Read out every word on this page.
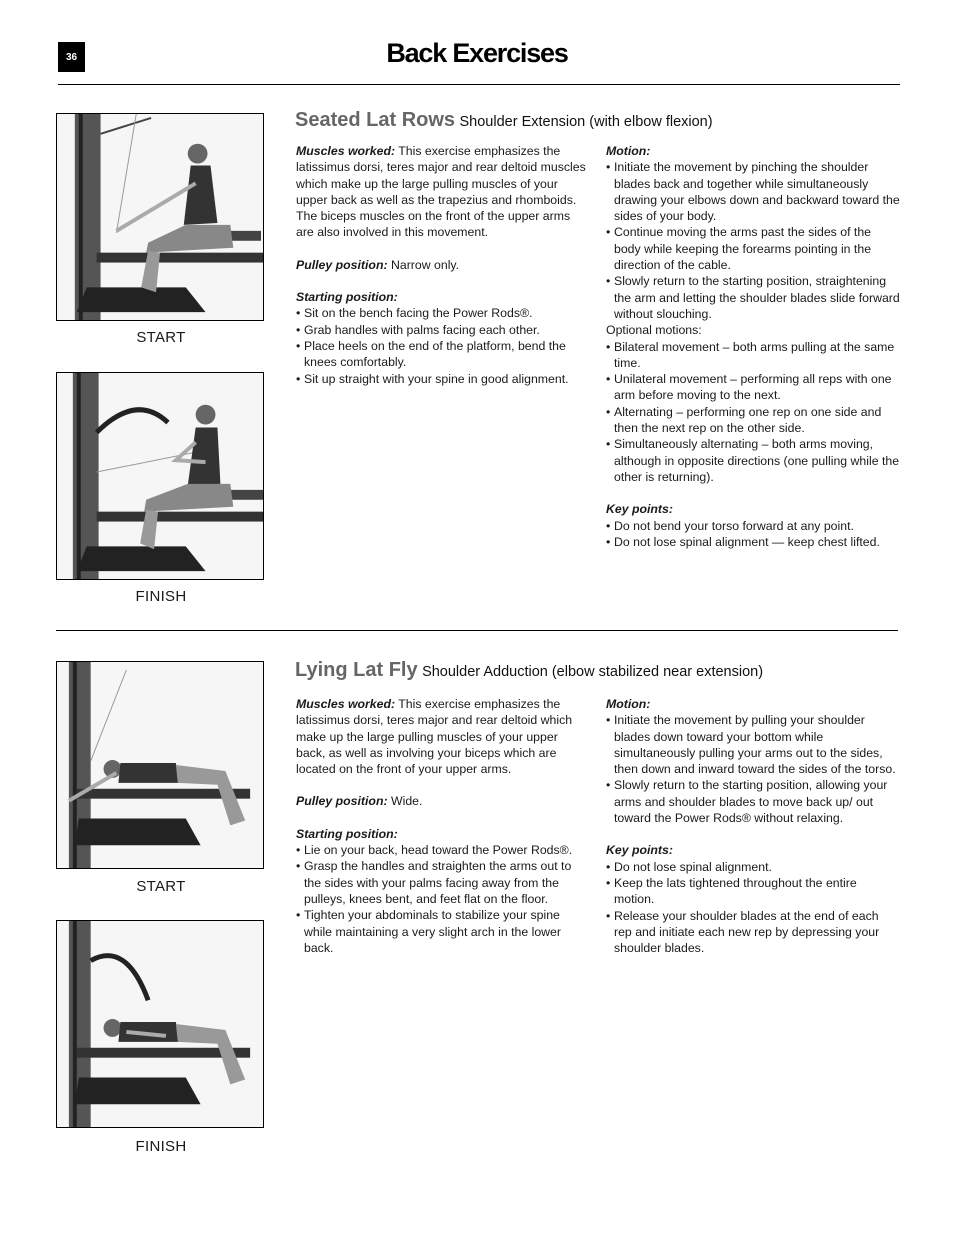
36	Back Exercises
START
FINISH
Seated Lat Rows Shoulder Extension (with elbow flexion)

Muscles worked: This exercise emphasizes the latissimus dorsi, teres major and rear deltoid muscles which make up the large pulling muscles of your upper back as well as the trapezius and rhomboids. The biceps muscles on the front of the upper arms are also involved in this movement.

Pulley position: Narrow only.

Starting position:

• Sit on the bench facing the Power Rods®.
• Grab handles with palms facing each other.
• Place heels on the end of the platform, bend the knees comfortably.
• Sit up straight with your spine in good alignment.

Motion:

• Initiate the movement by pinching the shoulder blades back and together while simultaneously drawing your elbows down and backward toward the sides of your body.
• Continue moving the arms past the sides of the body while keeping the forearms pointing in the direction of the cable.
• Slowly return to the starting position, straightening the arm and letting the shoulder blades slide forward without slouching.

Optional motions:

• Bilateral movement – both arms pulling at the same time.
• Unilateral movement – performing all reps with one arm before moving to the next.
• Alternating – performing one rep on one side and then the next rep on the other side.
• Simultaneously alternating – both arms moving, although in opposite directions (one pulling while the other is returning).

Key points:

• Do not bend your torso forward at any point.
• Do not lose spinal alignment — keep chest lifted.
START
FINISH
Lying Lat Fly Shoulder Adduction (elbow stabilized near extension)

Muscles worked: This exercise emphasizes the latissimus dorsi, teres major and rear deltoid which make up the large pulling muscles of your upper back, as well as involving your biceps which are located on the front of your upper arms.

Pulley position: Wide.

Starting position:

• Lie on your back, head toward the Power Rods®.
• Grasp the handles and straighten the arms out to the sides with your palms facing away from the pulleys, knees bent, and feet flat on the floor.
• Tighten your abdominals to stabilize your spine while maintaining a very slight arch in the lower back.

Motion:

• Initiate the movement by pulling your shoulder blades down toward your bottom while simultaneously pulling your arms out to the sides, then down and inward toward the sides of the torso.
• Slowly return to the starting position, allowing your arms and shoulder blades to move back up/ out toward the Power Rods® without relaxing.

Key points:

• Do not lose spinal alignment.
• Keep the lats tightened throughout the entire motion.
• Release your shoulder blades at the end of each rep and initiate each new rep by depressing your shoulder blades.
